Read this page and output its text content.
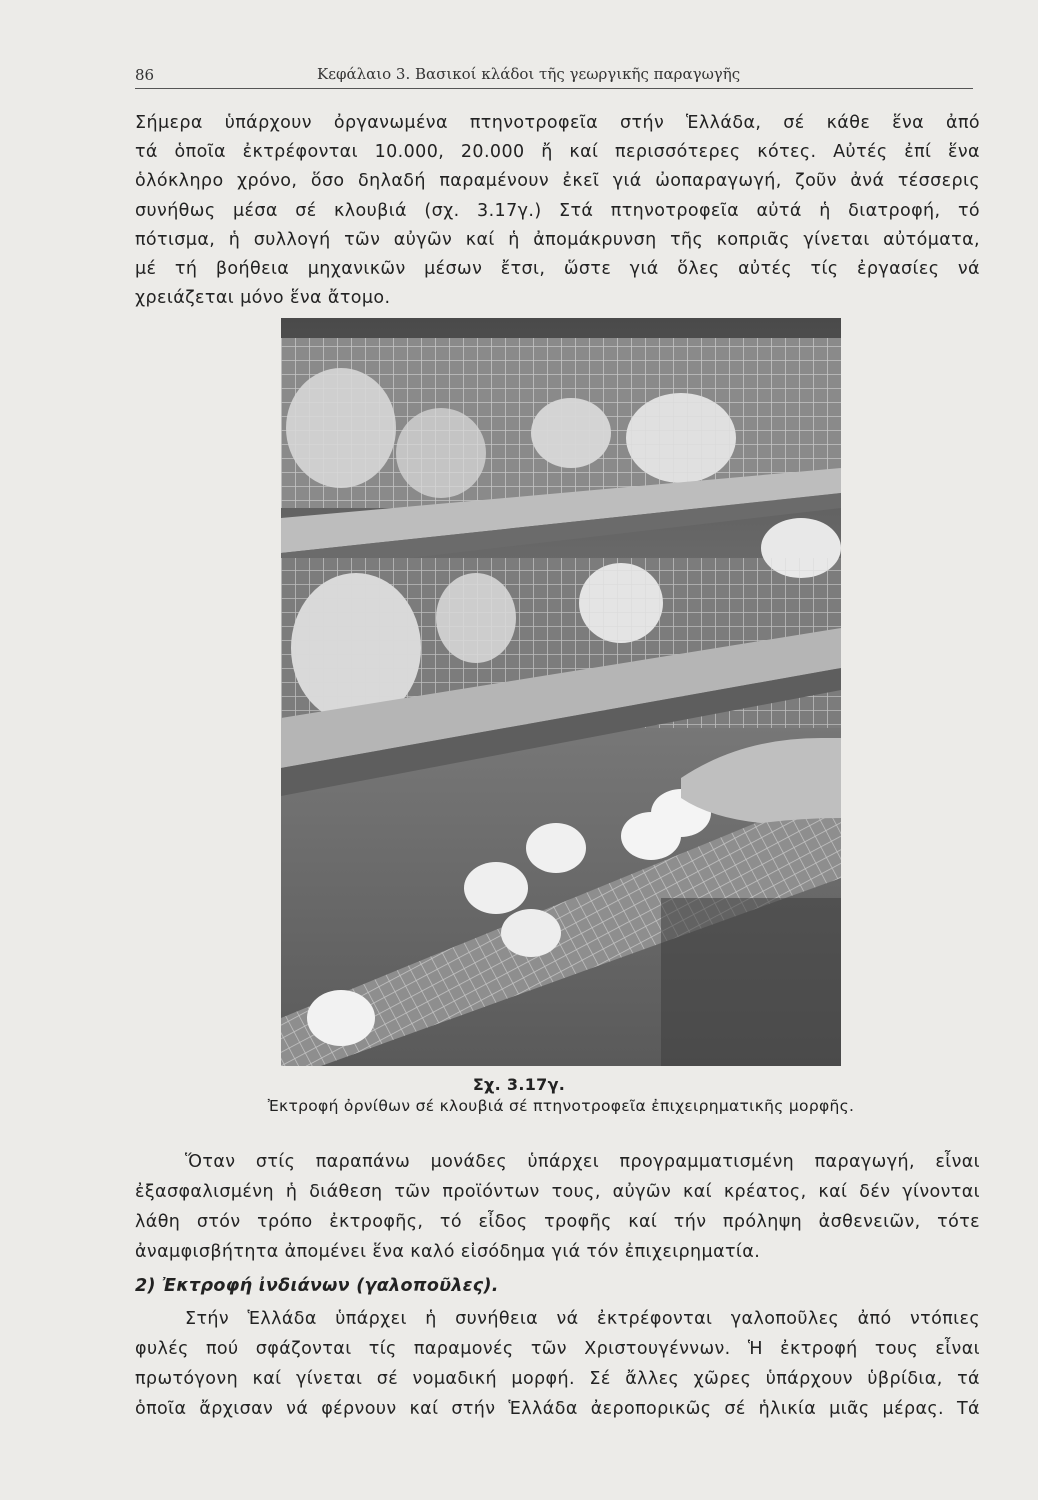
86	Κεφάλαιο 3. Βασικοί κλάδοι τῆς γεωργικῆς παραγωγῆς
Σήμερα ὑπάρχουν ὀργανωμένα πτηνοτροφεῖα στήν Ἑλλάδα, σέ κάθε ἕνα ἀπό
τά ὁποῖα ἐκτρέφονται 10.000, 20.000 ἤ καί περισσότερες κότες. Αὐτές ἐπί ἕνα
ὁλόκληρο χρόνο, ὅσο δηλαδή παραμένουν ἐκεῖ γιά ὠοπαραγωγή, ζοῦν ἀνά τέσσερις
συνήθως μέσα σέ κλουβιά (σχ. 3.17γ.) Στά πτηνοτροφεῖα αὐτά ἡ διατροφή, τό
πότισμα, ἡ συλλογή τῶν αὐγῶν καί ἡ ἀπομάκρυνση τῆς κοπριᾶς γίνεται αὐτόματα,
μέ τή βοήθεια μηχανικῶν μέσων ἔτσι, ὥστε γιά ὅλες αὐτές τίς ἐργασίες νά
χρειάζεται μόνο ἕνα ἄτομο.
Σχ. 3.17γ.
Ἐκτροφή ὀρνίθων σέ κλουβιά σέ πτηνοτροφεῖα ἐπιχειρηματικῆς μορφῆς.
Ὅταν στίς παραπάνω μονάδες ὑπάρχει προγραμματισμένη παραγωγή, εἶναι
ἐξασφαλισμένη ἡ διάθεση τῶν προϊόντων τους, αὐγῶν καί κρέατος, καί δέν γίνονται
λάθη στόν τρόπο ἐκτροφῆς, τό εἶδος τροφῆς καί τήν πρόληψη ἀσθενειῶν, τότε
ἀναμφισβήτητα ἀπομένει ἕνα καλό εἰσόδημα γιά τόν ἐπιχειρηματία.
2) Ἐκτροφή ἰνδιάνων (γαλοποῦλες).
Στήν Ἑλλάδα ὑπάρχει ἡ συνήθεια νά ἐκτρέφονται γαλοποῦλες ἀπό ντόπιες
φυλές πού σφάζονται τίς παραμονές τῶν Χριστουγέννων. Ἡ ἐκτροφή τους εἶναι
πρωτόγονη καί γίνεται σέ νομαδική μορφή. Σέ ἄλλες χῶρες ὑπάρχουν ὑβρίδια, τά
ὁποῖα ἄρχισαν νά φέρνουν καί στήν Ἑλλάδα ἀεροπορικῶς σέ ἡλικία μιᾶς μέρας. Τά
